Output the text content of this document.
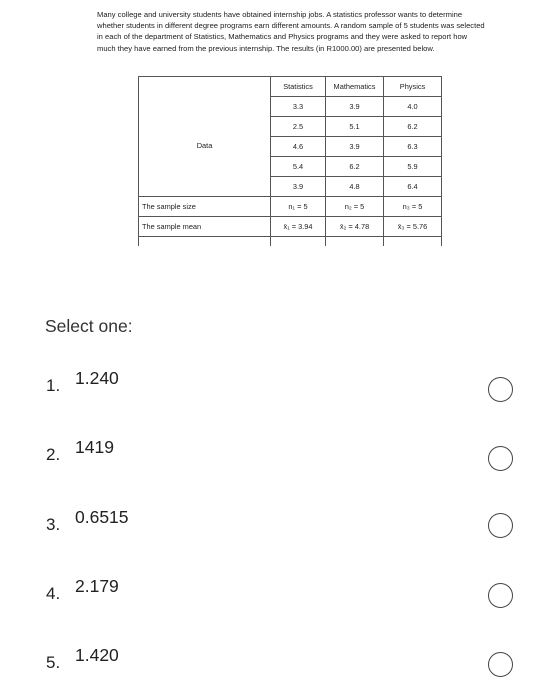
Many college and university students have obtained internship jobs. A statistics professor wants to determine whether students in different degree programs earn different amounts. A random sample of 5 students was selected in each of the department of Statistics, Mathematics and Physics programs and they were asked to report how much they have earned from the previous internship. The results (in R1000.00) are presented below.
	Statistics	Mathematics	Physics
Data	3.3	3.9	4.0
	2.5	5.1	6.2
	4.6	3.9	6.3
	5.4	6.2	5.9
	3.9	4.8	6.4
The sample size	n₁ = 5	n₂ = 5	n₃ = 5
The sample mean	x̄₁ = 3.94	x̄₂ = 4.78	x̄₃ = 5.76

Select one:
1. 1.240
2. 1419
3. 0.6515
4. 2.179
5. 1.420
